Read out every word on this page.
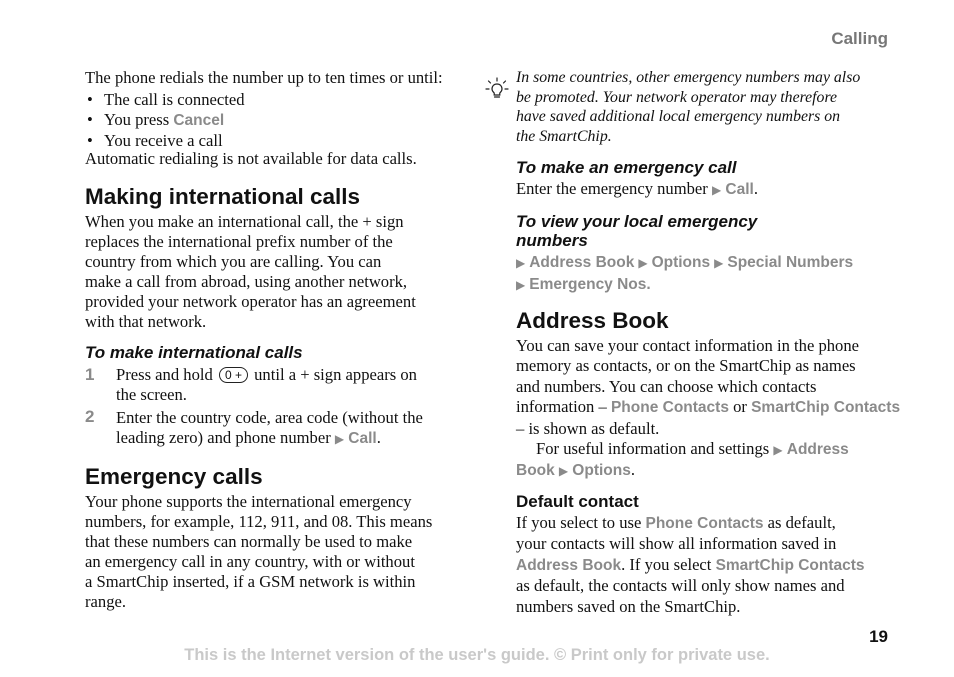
Calling
The phone redials the number up to ten times or until:
• The call is connected
• You press Cancel
• You receive a call
Automatic redialing is not available for data calls.
Making international calls
When you make an international call, the + sign
replaces the international prefix number of the
country from which you are calling. You can
make a call from abroad, using another network,
provided your network operator has an agreement
with that network.
To make international calls
1 Press and hold 0 + until a + sign appears on
the screen.
2 Enter the country code, area code (without the
leading zero) and phone number ▶ Call.
Emergency calls
Your phone supports the international emergency
numbers, for example, 112, 911, and 08. This means
that these numbers can normally be used to make
an emergency call in any country, with or without
a SmartChip inserted, if a GSM network is within
range.
In some countries, other emergency numbers may also
be promoted. Your network operator may therefore
have saved additional local emergency numbers on
the SmartChip.
To make an emergency call
Enter the emergency number ▶ Call.
To view your local emergency
numbers
▶ Address Book ▶ Options ▶ Special Numbers
▶ Emergency Nos.
Address Book
You can save your contact information in the phone
memory as contacts, or on the SmartChip as names
and numbers. You can choose which contacts
information – Phone Contacts or SmartChip Contacts
– is shown as default.
For useful information and settings ▶ Address
Book ▶ Options.
Default contact
If you select to use Phone Contacts as default,
your contacts will show all information saved in
Address Book. If you select SmartChip Contacts
as default, the contacts will only show names and
numbers saved on the SmartChip.
19
This is the Internet version of the user's guide. © Print only for private use.
